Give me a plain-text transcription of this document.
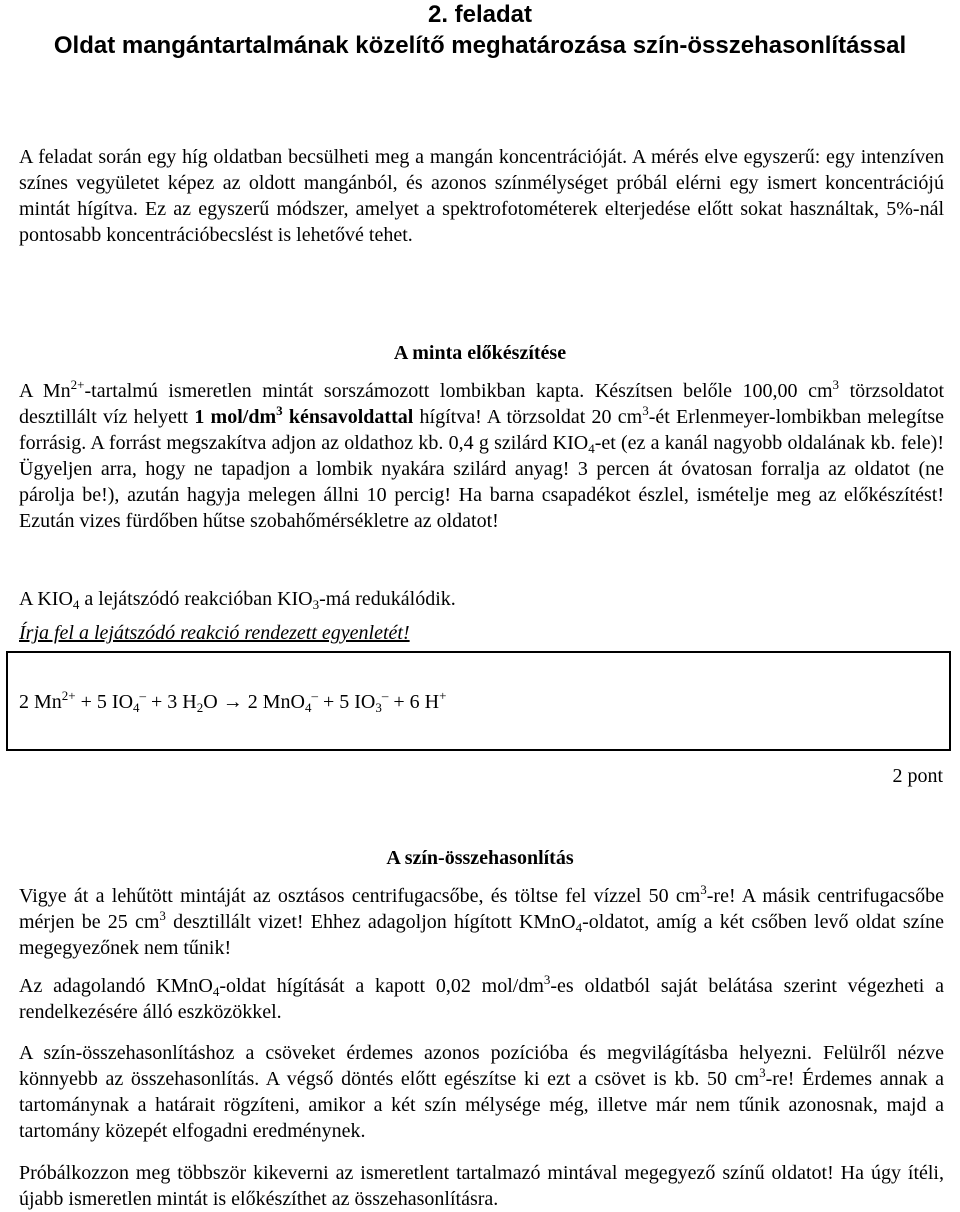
2. feladat
Oldat mangántartalmának közelítő meghatározása szín-összehasonlítással
A feladat során egy híg oldatban becsülheti meg a mangán koncentrációját. A mérés elve egyszerű: egy intenzíven színes vegyületet képez az oldott mangánból, és azonos színmélységet próbál elérni egy ismert koncentrációjú mintát hígítva. Ez az egyszerű módszer, amelyet a spektrofotométerek elterjedése előtt sokat használtak, 5%-nál pontosabb koncentrációbecslést is lehetővé tehet.
A minta előkészítése
A $Mn^{2+}$-tartalmú ismeretlen mintát sorszámozott lombikban kapta. Készítsen belőle 100,00 $cm^3$ törzsoldatot desztillált víz helyett 1 mol/$dm^3$ kénsavoldattal hígítva! A törzsoldat 20 $cm^3-ét$ Erlenmeyer-lombikban melegítse forrásig. A forrást megszakítva adjon az oldathoz kb. 0,4 g szilárd $KIO_4-et$ (ez a kanál nagyobb oldalának kb. fele)! Ügyeljen arra, hogy ne tapadjon a lombik nyakára szilárd anyag! 3 percen át óvatosan forralja az oldatot (ne párolja be!), azután hagyja melegen állni 10 percig! Ha barna csapadékot észlel, ismételje meg az előkészítést! Ezután vizes fürdőben hűtse szobahőmérsékletre az oldatot!
A $KIO_4$ a lejátszódó reakcióban $KIO_3-má$ redukálódik.
Írja fel a lejátszódó reakció rendezett egyenletét!
2 $Mn^{2+} + 5$ $IO_4^- + 3$ $H_2O \to 2$ MnO$_4$– + 5 $IO_3^- + 6$ H+
2 pont
A szín-összehasonlítás
Vigye át a lehűtött mintáját az osztásos centrifugacsőbe, és töltse fel vízzel 50 $cm^3-re$! A másik centrifugacsőbe mérjen be 25 $cm^3$ desztillált vizet! Ehhez adagoljon hígított KMnO$_4$-oldatot, amíg a két csőben levő oldat színe megegyezőnek nem tűnik!
Az adagolandó KMnO$_4$-oldat hígítását a kapott 0,02 mol/$dm^3-es$ oldatból saját belátása szerint végezheti a rendelkezésére álló eszközökkel.
A szín-összehasonlításhoz a csöveket érdemes azonos pozícióba és megvilágításba helyezni. Felülről nézve könnyebb az összehasonlítás. A végső döntés előtt egészítse ki ezt a csövet is kb. 50 $cm^3-re$! Érdemes annak a tartománynak a határait rögzíteni, amikor a két szín mélysége még, illetve már nem tűnik azonosnak, majd a tartomány közepét elfogadni eredménynek.
Próbálkozzon meg többször kikeverni az ismeretlent tartalmazó mintával megegyező színű oldatot! Ha úgy ítéli, újabb ismeretlen mintát is előkészíthet az összehasonlításra.
